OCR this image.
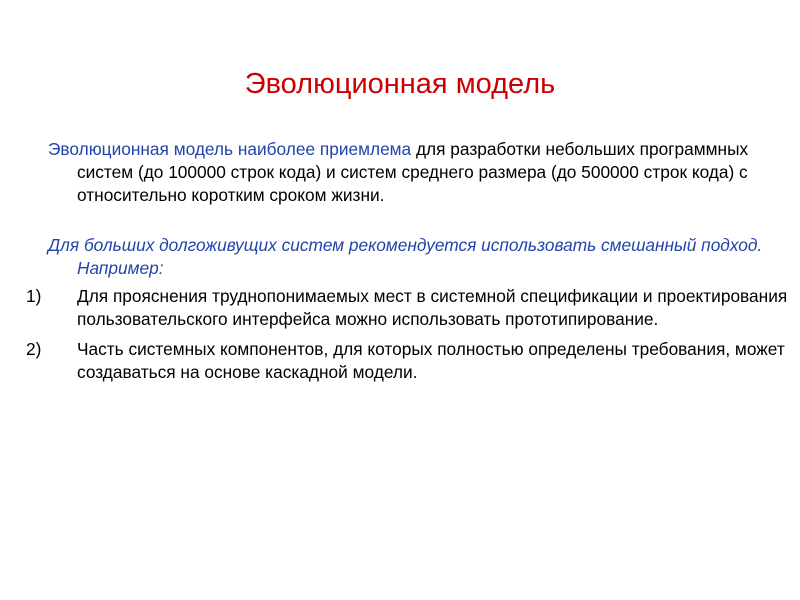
Эволюционная модель

Эволюционная модель наиболее приемлема для разработки небольших программных систем (до 100000 строк кода) и систем среднего размера (до 500000 строк кода) с относительно коротким сроком жизни.

Для больших долгоживущих систем рекомендуется использовать смешанный подход. Например:

1) Для прояснения труднопонимаемых мест в системной спецификации и проектирования пользовательского интерфейса можно использовать прототипирование.
2) Часть системных компонентов, для которых полностью определены требования, может создаваться на основе каскадной модели.
